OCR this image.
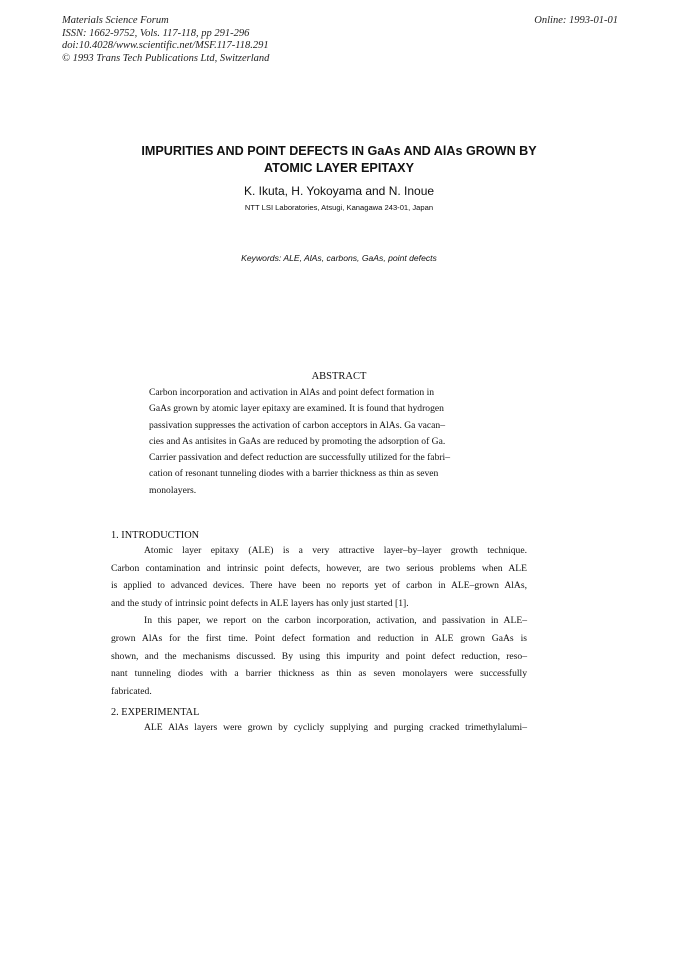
Materials Science Forum
ISSN: 1662-9752, Vols. 117-118, pp 291-296
doi:10.4028/www.scientific.net/MSF.117-118.291
© 1993 Trans Tech Publications Ltd, Switzerland
Online: 1993-01-01
IMPURITIES AND POINT DEFECTS IN GaAs AND AlAs GROWN BY
ATOMIC LAYER EPITAXY
K. Ikuta, H. Yokoyama and N. Inoue
NTT LSI Laboratories, Atsugi, Kanagawa 243-01, Japan
Keywords: ALE, AlAs, carbons, GaAs, point defects
ABSTRACT
Carbon incorporation and activation in AlAs and point defect formation in
GaAs grown by atomic layer epitaxy are examined. It is found that hydrogen
passivation suppresses the activation of carbon acceptors in AlAs. Ga vacan–
cies and As antisites in GaAs are reduced by promoting the adsorption of Ga.
Carrier passivation and defect reduction are successfully utilized for the fabri–
cation of resonant tunneling diodes with a barrier thickness as thin as seven
monolayers.
1. INTRODUCTION
Atomic layer epitaxy (ALE) is a very attractive layer–by–layer growth technique.
Carbon contamination and intrinsic point defects, however, are two serious problems when ALE
is applied to advanced devices. There have been no reports yet of carbon in ALE–grown AlAs,
and the study of intrinsic point defects in ALE layers has only just started [1].
In this paper, we report on the carbon incorporation, activation, and passivation in ALE–
grown AlAs for the first time. Point defect formation and reduction in ALE grown GaAs is
shown, and the mechanisms discussed. By using this impurity and point defect reduction, reso–
nant tunneling diodes with a barrier thickness as thin as seven monolayers were successfully
fabricated.
2. EXPERIMENTAL
ALE AlAs layers were grown by cyclicly supplying and purging cracked trimethylalumi–
